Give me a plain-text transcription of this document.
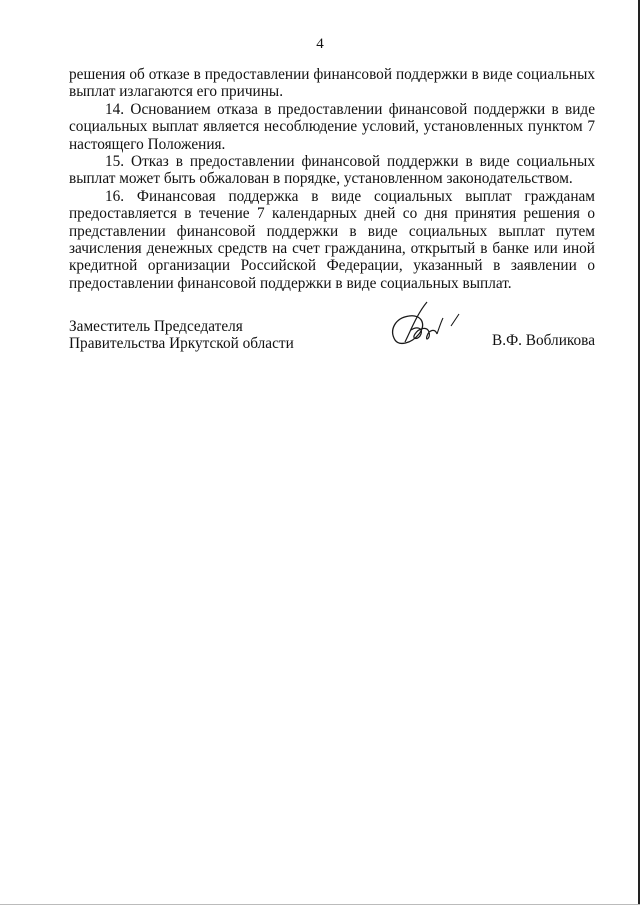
4

решения об отказе в предоставлении финансовой поддержки в виде социальных выплат излагаются его причины.

14. Основанием отказа в предоставлении финансовой поддержки в виде социальных выплат является несоблюдение условий, установленных пунктом 7 настоящего Положения.

15. Отказ в предоставлении финансовой поддержки в виде социальных выплат может быть обжалован в порядке, установленном законодательством.

16. Финансовая поддержка в виде социальных выплат гражданам предоставляется в течение 7 календарных дней со дня принятия решения о представлении финансовой поддержки в виде социальных выплат путем зачисления денежных средств на счет гражданина, открытый в банке или иной кредитной организации Российской Федерации, указанный в заявлении о предоставлении финансовой поддержки в виде социальных выплат.

Заместитель Председателя
Правительства Иркутской области	В.Ф. Вобликова
